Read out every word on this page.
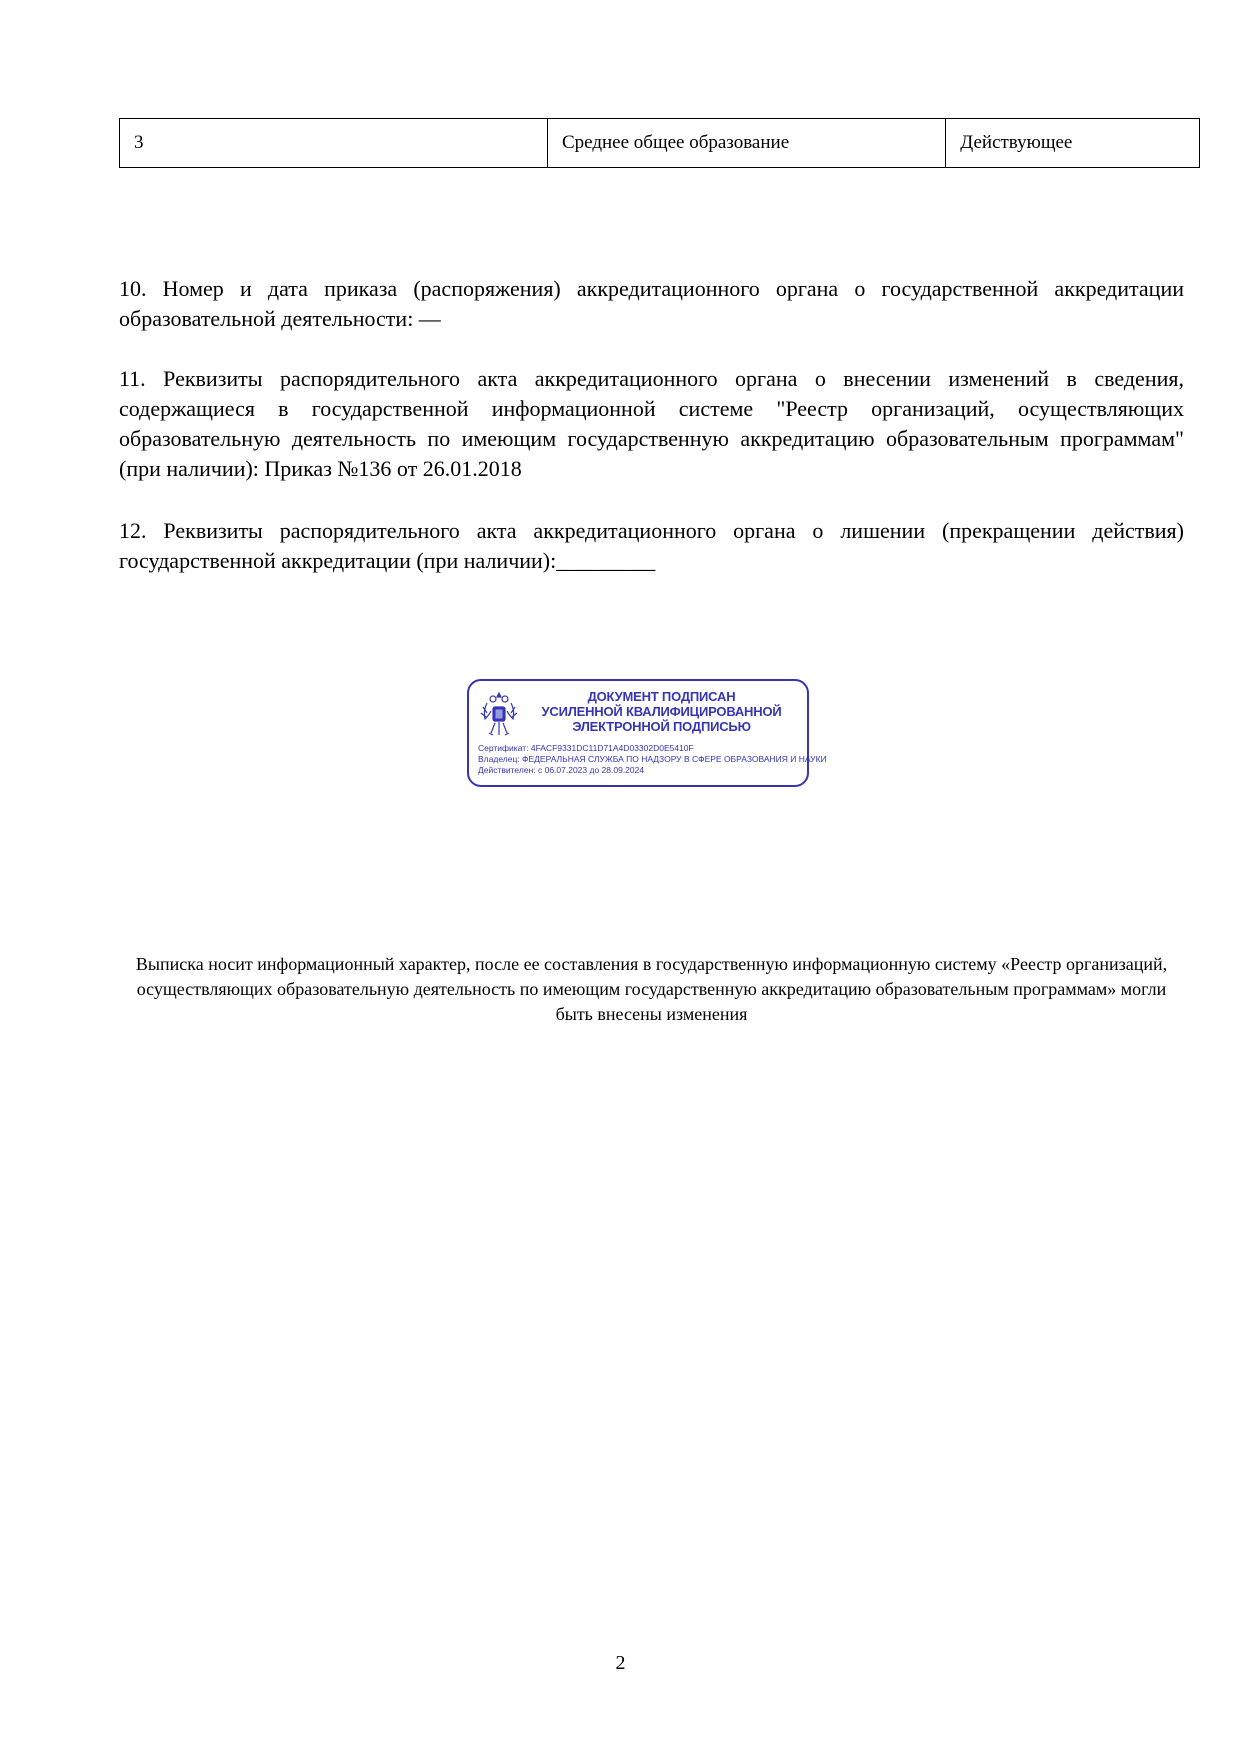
3	Среднее общее образование	Действующее

10. Номер и дата приказа (распоряжения) аккредитационного органа о государственной аккредитации образовательной деятельности: —

11. Реквизиты распорядительного акта аккредитационного органа о внесении изменений в сведения, содержащиеся в государственной информационной системе "Реестр организаций, осуществляющих образовательную деятельность по имеющим государственную аккредитацию образовательным программам" (при наличии): Приказ №136 от 26.01.2018

12. Реквизиты распорядительного акта аккредитационного органа о лишении (прекращении действия) государственной аккредитации (при наличии):_________

ДОКУМЕНТ ПОДПИСАН
УСИЛЕННОЙ КВАЛИФИЦИРОВАННОЙ
ЭЛЕКТРОННОЙ ПОДПИСЬЮ
Сертификат: 4FACF9331DC11D71A4D03302D0E5410F
Владелец: ФЕДЕРАЛЬНАЯ СЛУЖБА ПО НАДЗОРУ В СФЕРЕ ОБРАЗОВАНИЯ И НАУКИ
Действителен: с 06.07.2023 до 28.09.2024

Выписка носит информационный характер, после ее составления в государственную информационную систему «Реестр организаций, осуществляющих образовательную деятельность по имеющим государственную аккредитацию образовательным программам» могли быть внесены изменения

2
